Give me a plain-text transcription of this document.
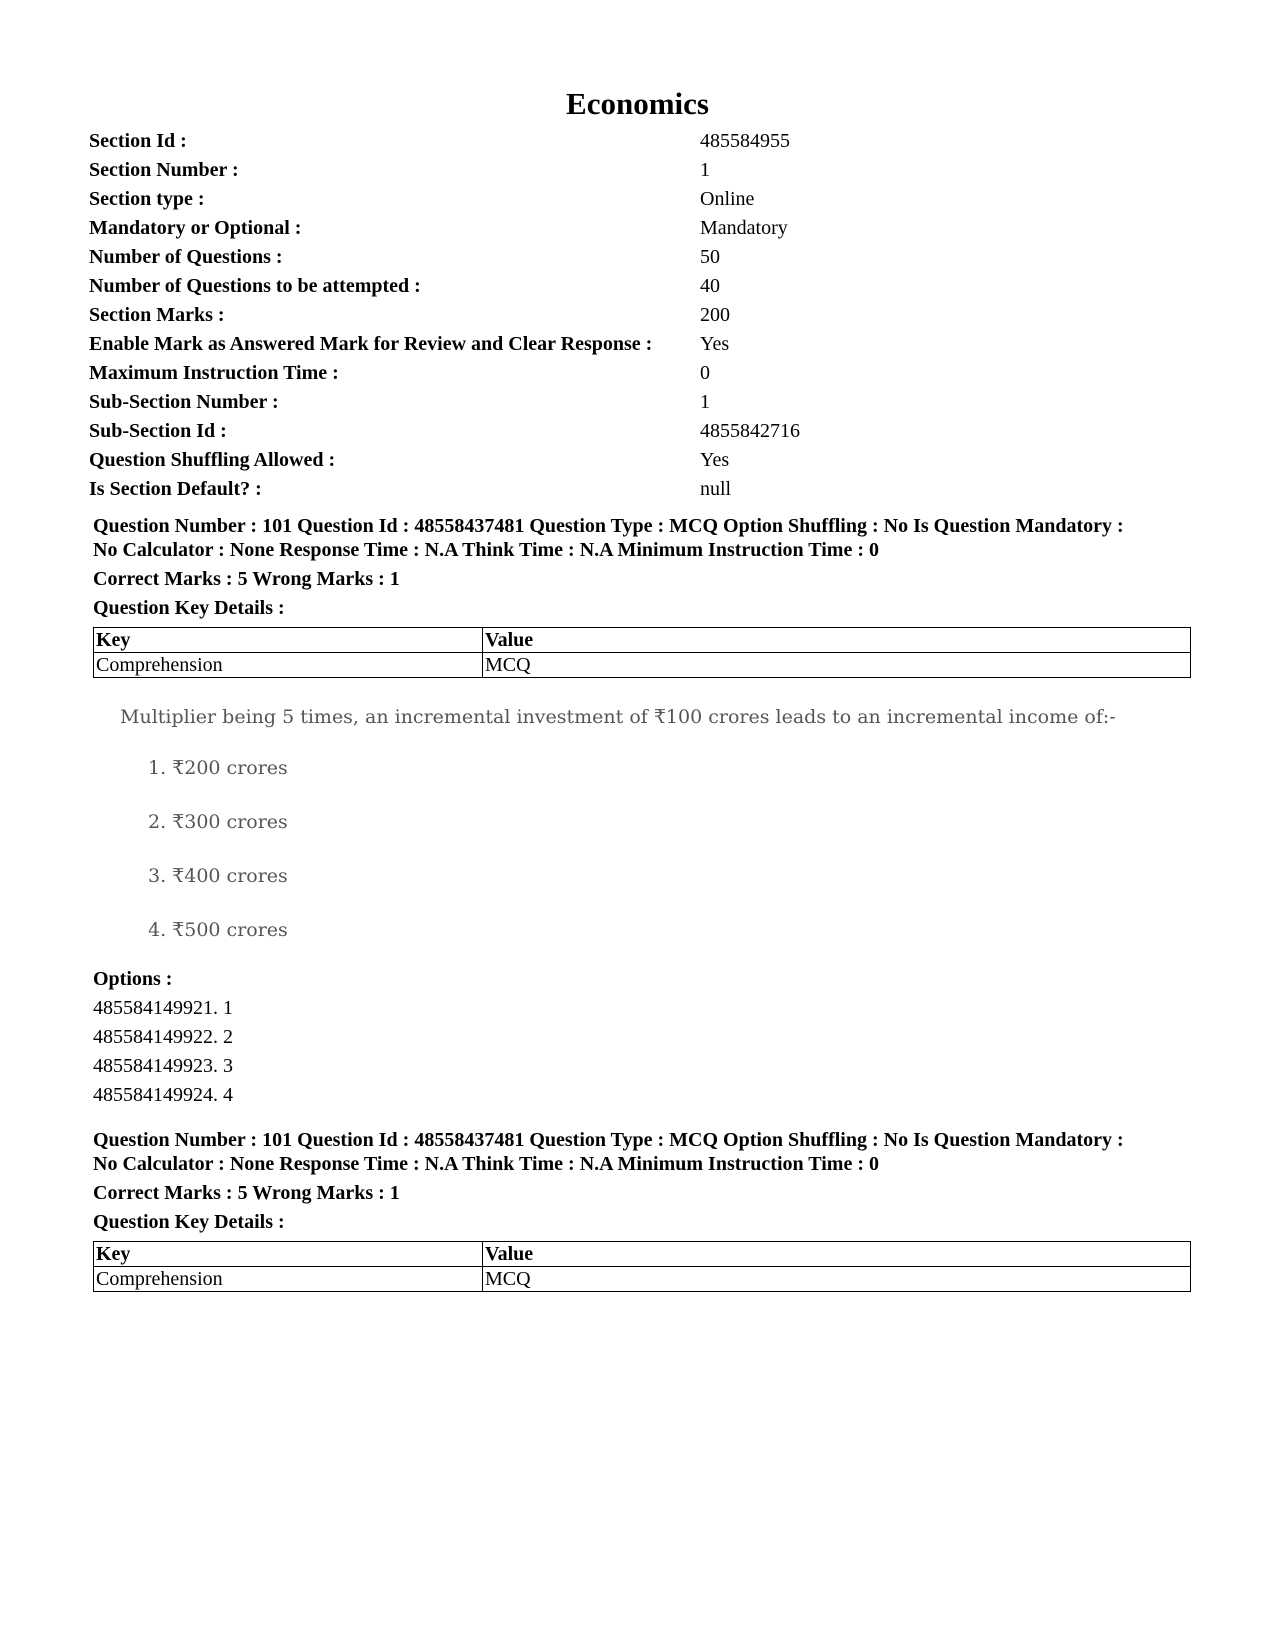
Economics
Section Id :	485584955
Section Number :	1
Section type :	Online
Mandatory or Optional :	Mandatory
Number of Questions :	50
Number of Questions to be attempted :	40
Section Marks :	200
Enable Mark as Answered Mark for Review and Clear Response :	Yes
Maximum Instruction Time :	0
Sub-Section Number :	1
Sub-Section Id :	4855842716
Question Shuffling Allowed :	Yes
Is Section Default? :	null
Question Number : 101 Question Id : 48558437481 Question Type : MCQ Option Shuffling : No Is Question Mandatory :
No Calculator : None Response Time : N.A Think Time : N.A Minimum Instruction Time : 0
Correct Marks : 5 Wrong Marks : 1
Question Key Details :
Key	Value
Comprehension	MCQ

Multiplier being 5 times, an incremental investment of ₹100 crores leads to an incremental income of:-

1. ₹200 crores
2. ₹300 crores
3. ₹400 crores
4. ₹500 crores
Options :
485584149921. 1
485584149922. 2
485584149923. 3
485584149924. 4
Question Number : 101 Question Id : 48558437481 Question Type : MCQ Option Shuffling : No Is Question Mandatory :
No Calculator : None Response Time : N.A Think Time : N.A Minimum Instruction Time : 0
Correct Marks : 5 Wrong Marks : 1
Question Key Details :
Key	Value
Comprehension	MCQ
